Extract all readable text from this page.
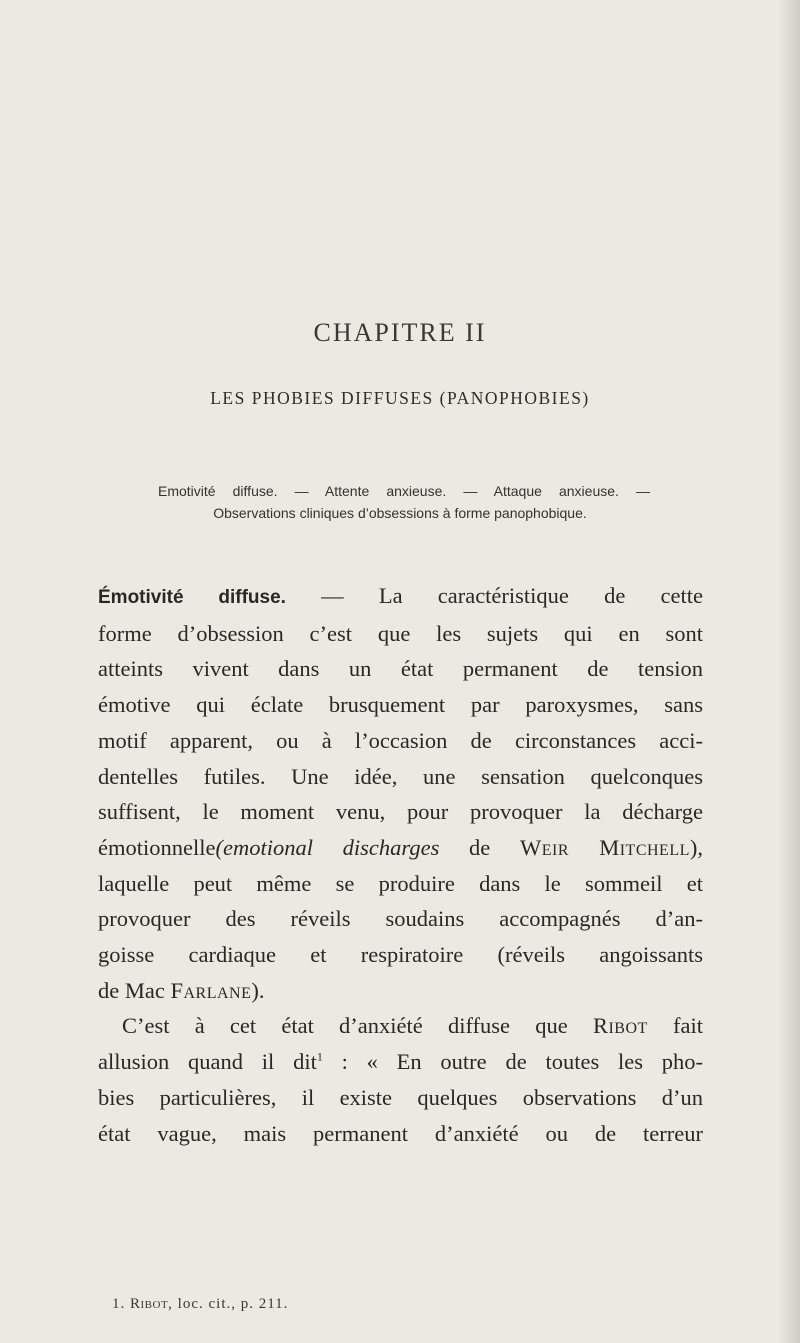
CHAPITRE II
LES PHOBIES DIFFUSES (PANOPHOBIES)
Emotivité diffuse. — Attente anxieuse. — Attaque anxieuse. —
Observations cliniques d’obsessions à forme panophobique.
Émotivité diffuse. — La caractéristique de cette
forme d’obsession c’est que les sujets qui en sont
atteints vivent dans un état permanent de tension
émotive qui éclate brusquement par paroxysmes, sans
motif apparent, ou à l’occasion de circonstances acci-
dentelles futiles. Une idée, une sensation quelconques
suffisent, le moment venu, pour provoquer la décharge
émotionnelle(emotional discharges de Weir Mitchell),
laquelle peut même se produire dans le sommeil et
provoquer des réveils soudains accompagnés d’an-
goisse cardiaque et respiratoire (réveils angoissants
de Mac Farlane).
C’est à cet état d’anxiété diffuse que Ribot fait
allusion quand il dit$^1$ : « En outre de toutes les pho-
bies particulières, il existe quelques observations d’un
état vague, mais permanent d’anxiété ou de terreur
1. Ribot, loc. cit., p. 211.
